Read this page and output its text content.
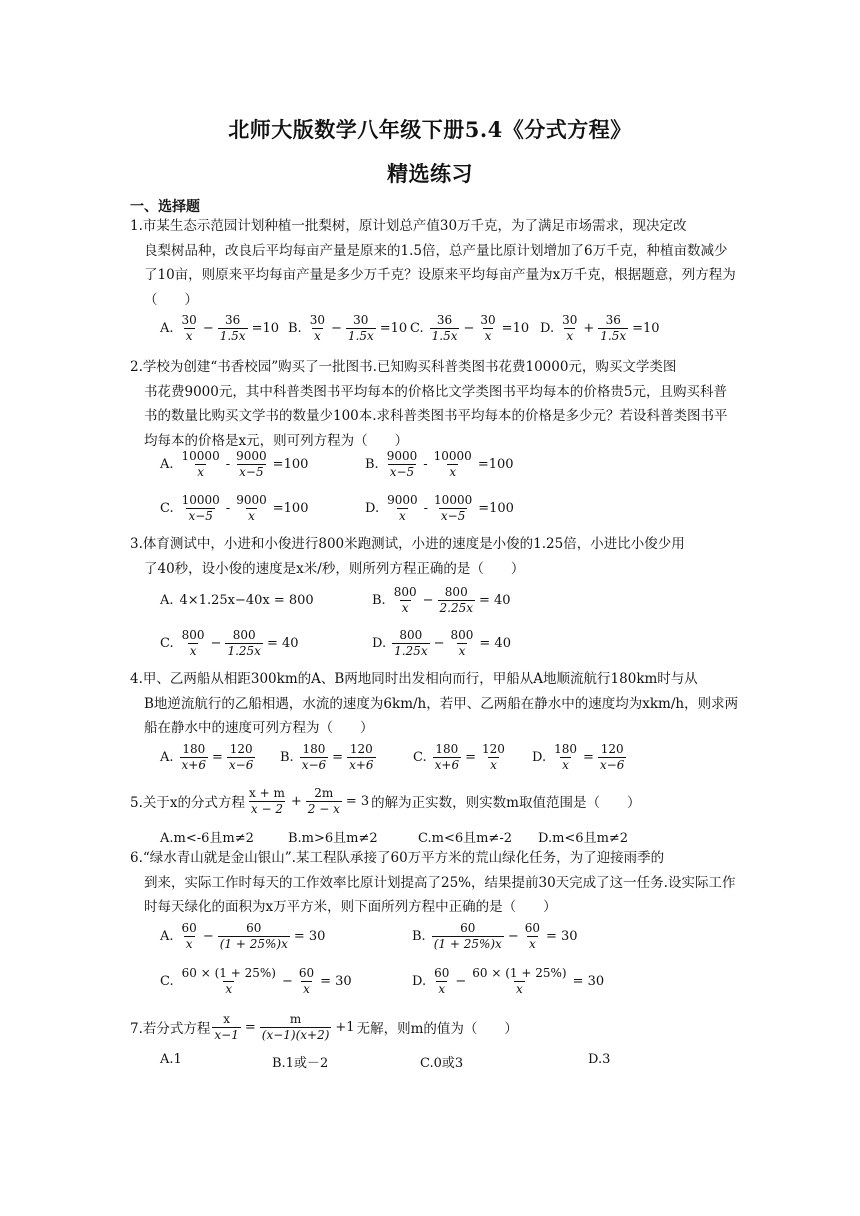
北师大版数学八年级下册5.4《分式方程》
精选练习
一、选择题
1.市某生态示范园计划种植一批梨树，原计划总产值30万千克，为了满足市场需求，现决定改
良梨树品种，改良后平均每亩产量是原来的1.5倍，总产量比原计划增加了6万千克，种植亩数减少了10亩，则原来平均每亩产量是多少万千克？设原来平均每亩产量为x万千克，根据题意，列方程为（　　）
A. $\frac{30}{x} - \frac{36}{1.5x} =10$ B. $\frac{30}{x} - \frac{30}{1.5x} =10$ C. $\frac{36}{1.5x} - \frac{30}{x} =10$ D. $\frac{30}{x} + \frac{36}{1.5x} =10$
2.学校为创建“书香校园”购买了一批图书.已知购买科普类图书花费10000元，购买文学类图
书花费9000元，其中科普类图书平均每本的价格比文学类图书平均每本的价格贵5元，且购买科普书的数量比购买文学书的数量少100本.求科普类图书平均每本的价格是多少元？若设科普类图书平均每本的价格是x元，则可列方程为（　　）
A. $\frac{10000}{x} - \frac{9000}{x-5} =100$	B. $\frac{9000}{x-5} - \frac{10000}{x} =100$
C. $\frac{10000}{x-5} - \frac{9000}{x} =100$	D. $\frac{9000}{x} - \frac{10000}{x-5} =100$
3.体育测试中，小进和小俊进行800米跑测试，小进的速度是小俊的1.25倍，小进比小俊少用
了40秒，设小俊的速度是x米/秒，则所列方程正确的是（　　）
A. 4×1.25x−40x = 800	B. $\frac{800}{x} - \frac{800}{2.25x} = 40$
C. $\frac{800}{x} - \frac{800}{1.25x} = 40$	D. $\frac{800}{1.25x} - \frac{800}{x} = 40$
4.甲、乙两船从相距300km的A、B两地同时出发相向而行，甲船从A地顺流航行180km时与从
B地逆流航行的乙船相遇，水流的速度为6km/h，若甲、乙两船在静水中的速度均为xkm/h，则求两船在静水中的速度可列方程为（　　）
A. $\frac{180}{x+6} = \frac{120}{x-6} B$. $\frac{180}{x-6} = \frac{120}{x+6}$	C. $\frac{180}{x+6} = \frac{120}{x} D$. $\frac{180}{x} = \frac{120}{x-6}$
5.关于x的分式方程 $\frac{x + m}{x - 2} + \frac{2m}{2 - x} = 3$ 的解为正实数，则实数m取值范围是（　　）
A.m<-6且m≠2	B.m>6且m≠2	C.m<6且m≠-2 D.m<6且m≠2
6.“绿水青山就是金山银山”.某工程队承接了60万平方米的荒山绿化任务，为了迎接雨季的
到来，实际工作时每天的工作效率比原计划提高了25%，结果提前30天完成了这一任务.设实际工作时每天绿化的面积为x万平方米，则下面所列方程中正确的是（　　）
A. $\frac{60}{x} - \frac{60}{(1 + 25\%)x} = 30$	B. $\frac{60}{(1 + 25\%)x} - \frac{60}{x} = 30$
C. $\frac{60 \times (1 + 25\%)}{x} - \frac{60}{x} = 30$	D. $\frac{60}{x} - \frac{60 \times (1 + 25\%)}{x} = 30$
7.若分式方程 $\frac{x}{x-1} = \frac{m}{(x-1)(x+2)} +1$ 无解，则m的值为（　　）
A.1	B.1或－2	C.0或3	D.3
